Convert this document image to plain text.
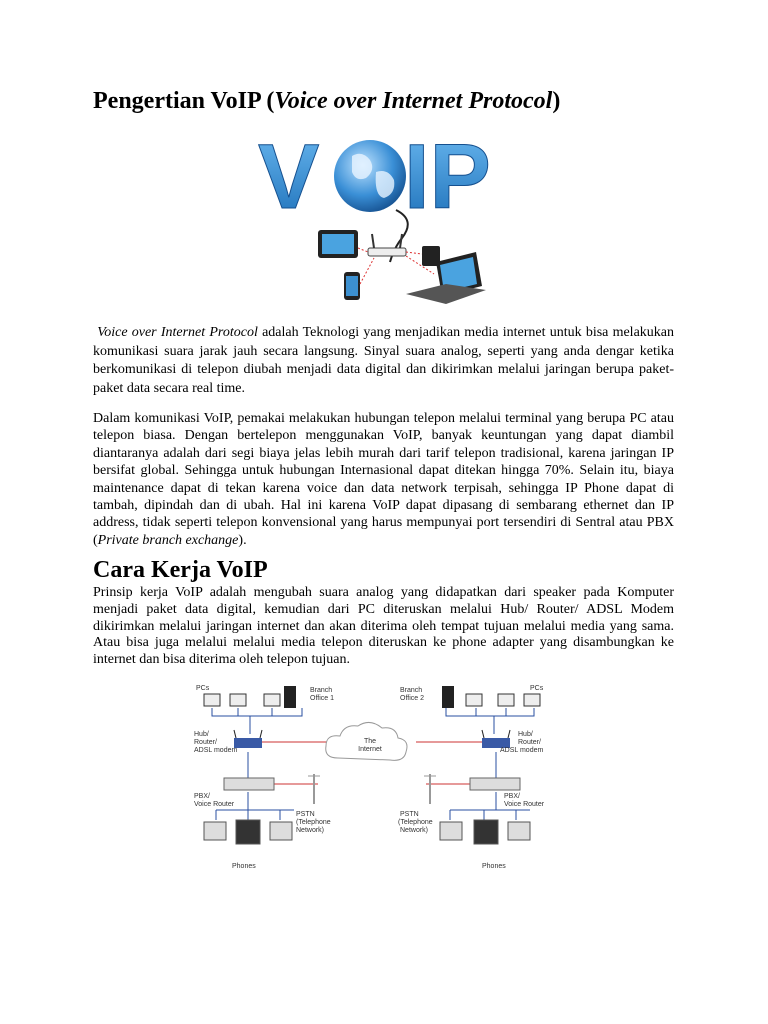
Pengertian VoIP (Voice over Internet Protocol)
V IP

Voice over Internet Protocol adalah Teknologi yang menjadikan media internet untuk bisa melakukan komunikasi suara jarak jauh secara langsung. Sinyal suara analog, seperti yang anda dengar ketika berkomunikasi di telepon diubah menjadi data digital dan dikirimkan melalui jaringan berupa paket-paket data secara real time.

Dalam komunikasi VoIP, pemakai melakukan hubungan telepon melalui terminal yang berupa PC atau telepon biasa. Dengan bertelepon menggunakan VoIP, banyak keuntungan yang dapat diambil diantaranya adalah dari segi biaya jelas lebih murah dari tarif telepon tradisional, karena jaringan IP bersifat global. Sehingga untuk hubungan Internasional dapat ditekan hingga 70%. Selain itu, biaya maintenance dapat di tekan karena voice dan data network terpisah, sehingga IP Phone dapat di tambah, dipindah dan di ubah. Hal ini karena VoIP dapat dipasang di sembarang ethernet dan IP address, tidak seperti telepon konvensional yang harus mempunyai port tersendiri di Sentral atau PBX (Private branch exchange).

Cara Kerja VoIP

Prinsip kerja VoIP adalah mengubah suara analog yang didapatkan dari speaker pada Komputer menjadi paket data digital, kemudian dari PC diteruskan melalui Hub/ Router/ ADSL Modem dikirimkan melalui jaringan internet dan akan diterima oleh tempat tujuan melalui media yang sama. Atau bisa juga melalui melalui media telepon diteruskan ke phone adapter yang disambungkan ke internet dan bisa diterima oleh telepon tujuan.

The
Internet
PCs	Branch
Office 1
Hub/
Router/
ADSL modem
PBX/
Voice Router
PSTN
(Telephone
Network)
Phones
PCs
Branch
Office 2
Hub/
Router/
ADSL modem
PBX/
Voice Router
PSTN
(Telephone
Network)
Phones
